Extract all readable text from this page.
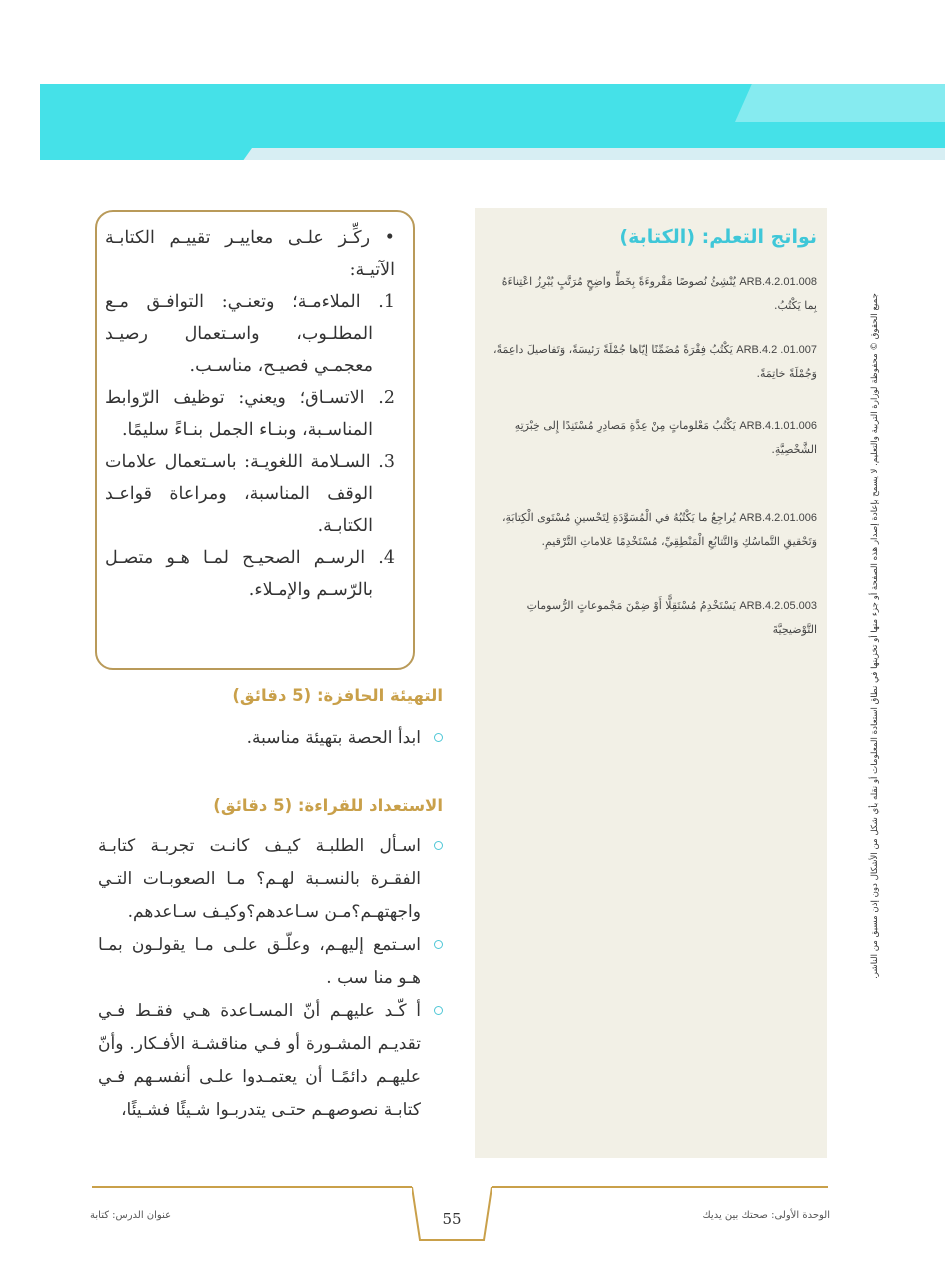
نواتج التعلم: (الكتابة)
ARB.4.2.01.008 يُنْشِئُ نُصوصًا مَقْروءَةً بِخَطٍّ واضِحٍ مُرَتَّبٍ يُبْرِزُ اعْتِناءَهُ بِما يَكْتُبُ.
ARB.4.2 .01.007 يَكْتُبُ فِقْرَةً مُضَمِّنًا إيّاها جُمْلَةً رَئيسَةً، وَتَفاصيلَ داعِمَةً، وَجُمْلَةً خاتِمَةً.
ARB.4.1.01.006 يَكْتُبُ مَعْلوماتٍ مِنْ عِدَّةِ مَصادِرِ مُسْتَنِدًا إِلى خِبْرَتِهِ الشَّخْصِيَّةِ.
ARB.4.2.01.006 يُراجِعُ ما يَكْتُبُهُ في الْمُسَوَّدَةِ لِتَحْسينِ مُسْتَوى الْكِتابَةِ، وَتَحْقيقِ التَّماسُكِ وَالتَّتابُعِ الْمَنْطِقِيِّ، مُسْتَخْدِمًا عَلاماتِ التَّرْقيمِ.
ARB.4.2.05.003 يَسْتَخْدِمُ مُسْتَقِلًّا أَوْ ضِمْنَ مَجْموعاتٍ الرُّسوماتِ التَّوْضيحِيَّةَ

• ركِّـز علـى معاييـر تقييـم الكتابـة الآتيـة:

1. الملاءمـة؛ وتعنـي: التوافـق مـع المطلـوب، واسـتعمال رصيـد معجمـي فصيـح، مناسـب.

2. الاتسـاق؛ ويعني: توظيف الرّوابط المناسـبة، وبنـاء الجمل بنـاءً سليمًا.

3. السـلامة اللغويـة: باسـتعمال علامات الوقف المناسبة، ومراعاة قواعـد الكتابـة.

4. الرسـم الصحيـح لمـا هـو متصـل بالرّسـم والإمـلاء.

التهيئة الحافزة: (5 دقائق)
ابدأ الحصة بتهيئة مناسبة.
الاستعداد للقراءة: (5 دقائق)
اسـأل الطلبـة كيـف كانـت تجربـة كتابـة الفقـرة بالنسـبة لهـم؟ مـا الصعوبـات التـي واجهتهـم؟مـن سـاعدهم؟وكيـف سـاعدهم.
اسـتمع إليهـم، وعلّـق علـى مـا يقولـون بمـا هـو منا سب .
أ كّـد عليهـم أنّ المسـاعدة هـي فقـط فـي تقديـم المشـورة أو فـي مناقشـة الأفـكار. وأنّ عليهـم دائمًـا أن يعتمـدوا علـى أنفسـهم فـي كتابـة نصوصهـم حتـى يتدربـوا شـيئًا فشـيئًا،
جميع الحقوق © محفوظة لوزارة التربية والتعليم. لا يسمح بإعادة إصدار هذه الصفحة أو جزء منها أو تخزينها في نطاق استعادة المعلومات أو نقله بأي شكل من الأشكال دون إذن مسبق من الناشر.
55
عنوان الدرس: كتابة	الوحدة الأولى: صحتك بين يديك
